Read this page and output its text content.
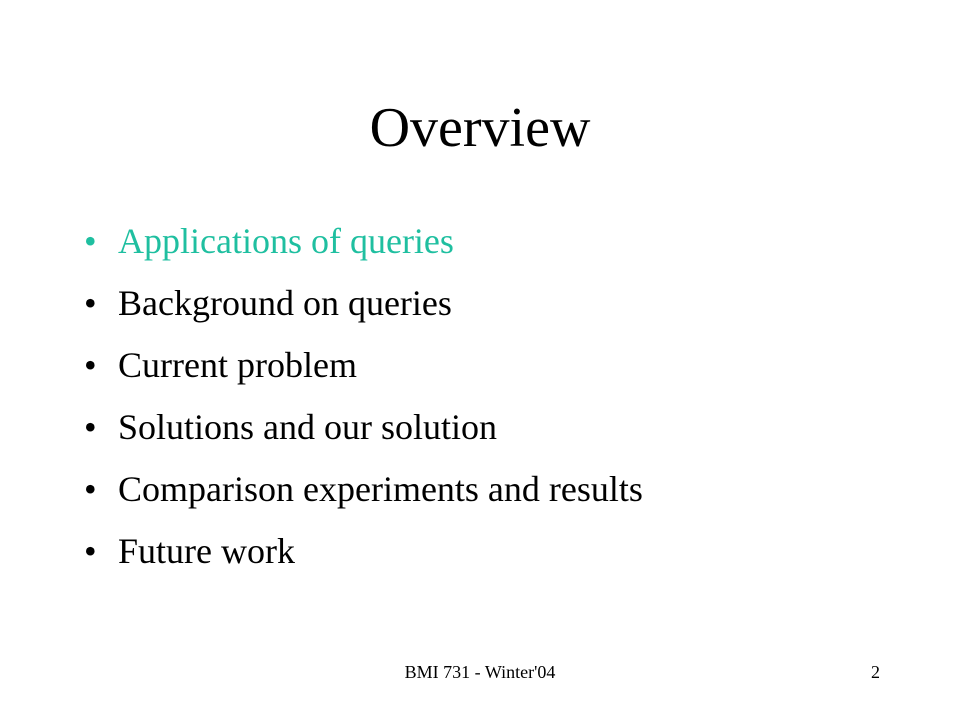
Overview
• Applications of queries
• Background on queries
• Current problem
• Solutions and our solution
• Comparison experiments and results
• Future work
BMI 731 - Winter'04	2
